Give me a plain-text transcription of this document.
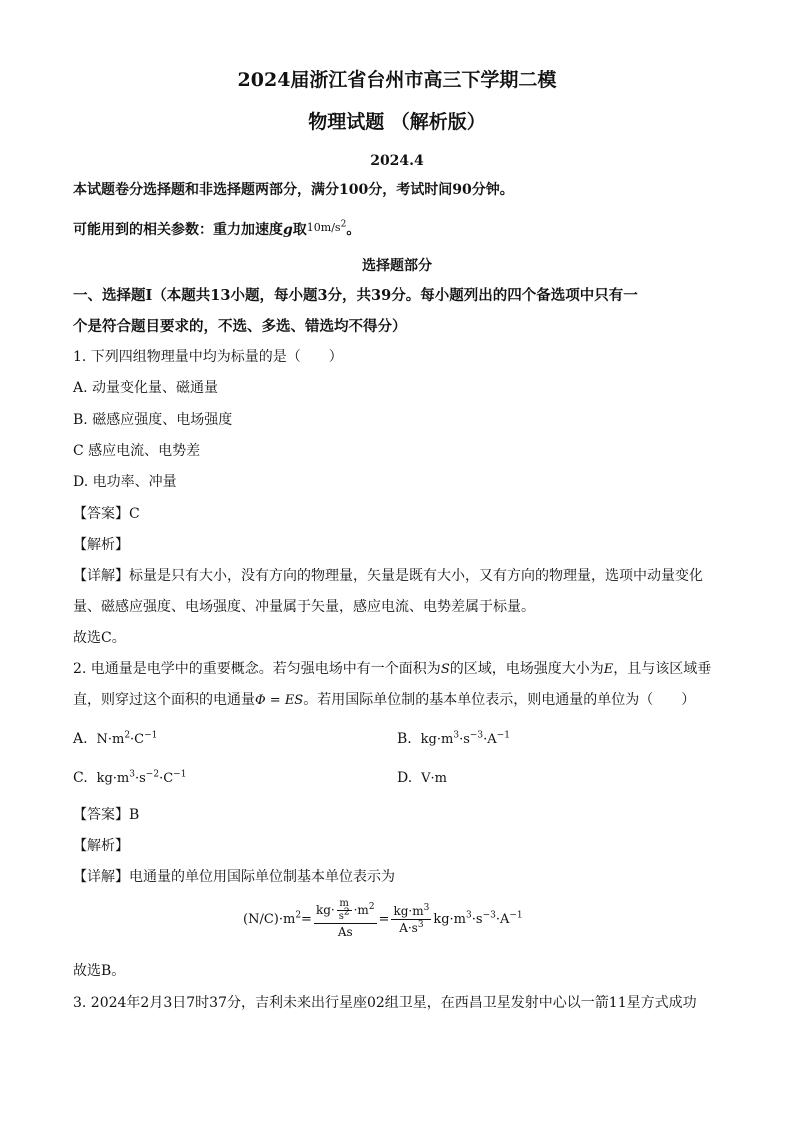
2024届浙江省台州市高三下学期二模
物理试题 （解析版）
2024.4
本试题卷分选择题和非选择题两部分，满分100分，考试时间90分钟。
可能用到的相关参数：重力加速度g取$^{10m/s^2}$。
选择题部分
一、选择题Ⅰ（本题共13小题，每小题3分，共39分。每小题列出的四个备选项中只有一
个是符合题目要求的，不选、多选、错选均不得分）
1. 下列四组物理量中均为标量的是（　　）
A. 动量变化量、磁通量
B. 磁感应强度、电场强度
C 感应电流、电势差
D. 电功率、冲量
【答案】C
【解析】
【详解】标量是只有大小，没有方向的物理量，矢量是既有大小，又有方向的物理量，选项中动量变化
量、磁感应强度、电场强度、冲量属于矢量，感应电流、电势差属于标量。
故选C。
2. 电通量是电学中的重要概念。若匀强电场中有一个面积为S的区域，电场强度大小为E，且与该区域垂
直，则穿过这个面积的电通量Φ = ES。若用国际单位制的基本单位表示，则电通量的单位为（　　）
A. $N\cdot m^2\cdot C^{-1}$	B. $kg\cdot m^3\cdot s^{-3}\cdot A^{-1}$
C. $kg\cdot m^3\cdot s^{-2}\cdot C^{-1}$	D. V·m
【答案】B
【解析】
【详解】电通量的单位用国际单位制基本单位表示为
$(N/C)\cdot m^2= \frac{kg\cdot \frac{m}{s^2} \cdot m^2}{As} = \frac{kg\cdot m^3}{A\cdot s^3} kg\cdot m^3\cdot s^{-3}\cdot A^{-1}$
故选B。
3. 2024年2月3日7时37分，吉利未来出行星座02组卫星，在西昌卫星发射中心以一箭11星方式成功
